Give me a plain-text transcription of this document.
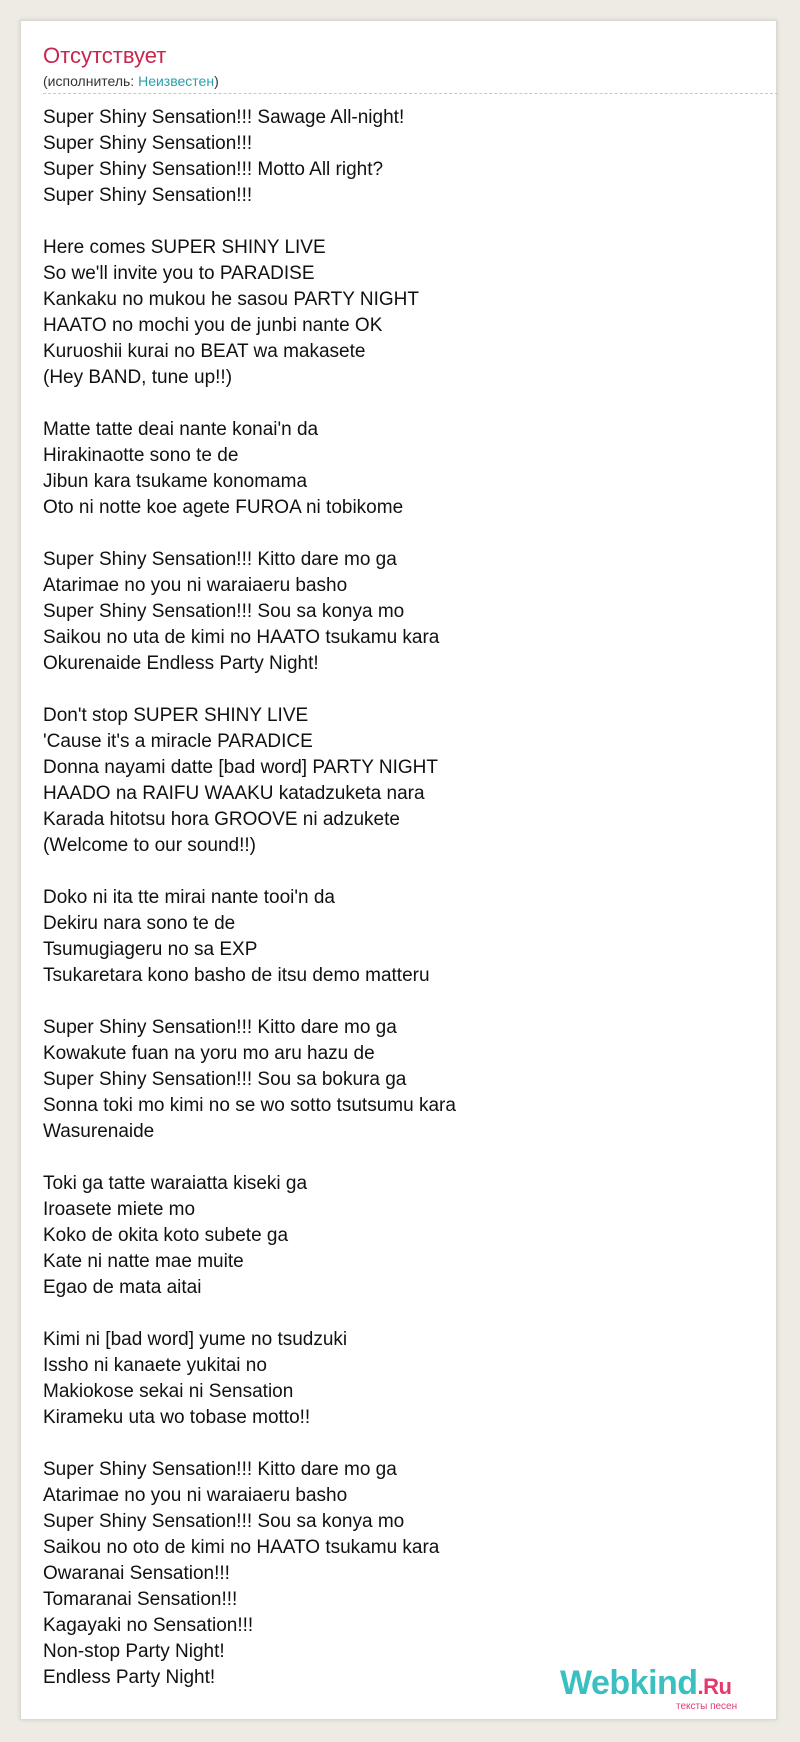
Отсутствует
(исполнитель: Неизвестен)
Super Shiny Sensation!!! Sawage All-night!
Super Shiny Sensation!!!
Super Shiny Sensation!!! Motto All right?
Super Shiny Sensation!!!
Here comes SUPER SHINY LIVE
So we'll invite you to PARADISE
Kankaku no mukou he sasou PARTY NIGHT
HAATO no mochi you de junbi nante OK
Kuruoshii kurai no BEAT wa makasete
(Hey BAND, tune up!!)
Matte tatte deai nante konai'n da
Hirakinaotte sono te de
Jibun kara tsukame konomama
Oto ni notte koe agete FUROA ni tobikome
Super Shiny Sensation!!! Kitto dare mo ga
Atarimae no you ni waraiaeru basho
Super Shiny Sensation!!! Sou sa konya mo
Saikou no uta de kimi no HAATO tsukamu kara
Okurenaide Endless Party Night!
Don't stop SUPER SHINY LIVE
'Cause it's a miracle PARADICE
Donna nayami datte [bad word] PARTY NIGHT
HAADO na RAIFU WAAKU katadzuketa nara
Karada hitotsu hora GROOVE ni adzukete
(Welcome to our sound!!)
Doko ni ita tte mirai nante tooi'n da
Dekiru nara sono te de
Tsumugiageru no sa EXP
Tsukaretara kono basho de itsu demo matteru
Super Shiny Sensation!!! Kitto dare mo ga
Kowakute fuan na yoru mo aru hazu de
Super Shiny Sensation!!! Sou sa bokura ga
Sonna toki mo kimi no se wo sotto tsutsumu kara
Wasurenaide
Toki ga tatte waraiatta kiseki ga
Iroasete miete mo
Koko de okita koto subete ga
Kate ni natte mae muite
Egao de mata aitai
Kimi ni [bad word] yume no tsudzuki
Issho ni kanaete yukitai no
Makiokose sekai ni Sensation
Kirameku uta wo tobase motto!!
Super Shiny Sensation!!! Kitto dare mo ga
Atarimae no you ni waraiaeru basho
Super Shiny Sensation!!! Sou sa konya mo
Saikou no oto de kimi no HAATO tsukamu kara
Owaranai Sensation!!!
Tomaranai Sensation!!!
Kagayaki no Sensation!!!
Non-stop Party Night!
Endless Party Night!	Webkind.Ru
тексты песен
